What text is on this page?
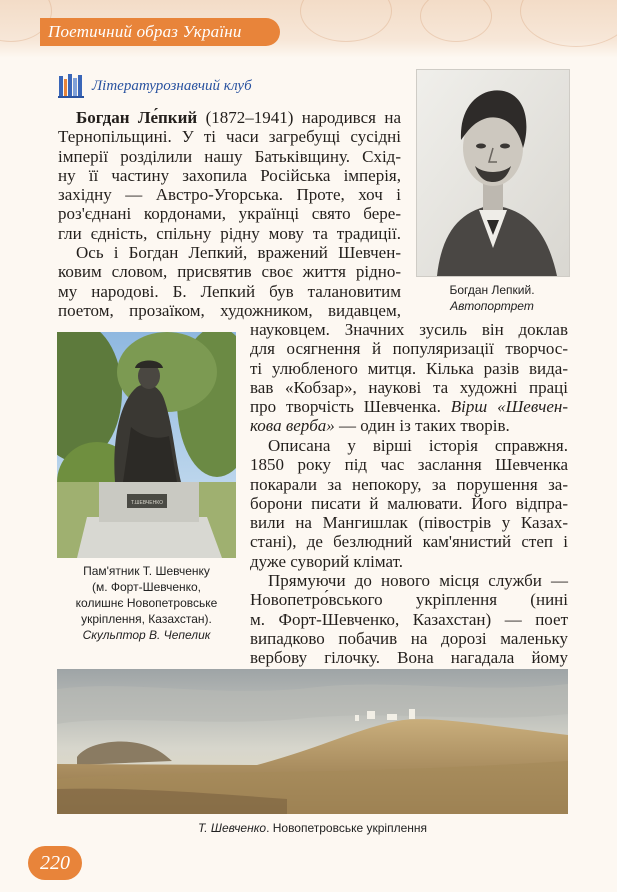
Поетичний образ України
Літературознавчий клуб
Богдан Лепкий.
Автопортрет
Т.ШЕВЧЕНКО
Пам'ятник Т. Шевченку
(м. Форт-Шевченко,
колишнє Новопетровське
укріплення, Казахстан).
Скульптор В. Чепелик
Богдан Ле́пкий (1872–1941) народився на
Тернопільщині. У ті часи загребущі сусідні
імперії розділили нашу Батьківщину. Схід-
ну її частину захопила Російська імперія,
західну — Австро-Угорська. Проте, хоч і
роз'єднані кордонами, українці свято бере-
гли єдність, спільну рідну мову та традиції.
Ось і Богдан Лепкий, вражений Шевчен-
ковим словом, присвятив своє життя рідно-
му народові. Б. Лепкий був талановитим
поетом, прозаїком, художником, видавцем,
науковцем. Значних зусиль він доклав
для осягнення й популяризації творчос-
ті улюбленого митця. Кілька разів вида-
вав «Кобзар», наукові та художні праці
про творчість Шевченка. Вірш «Шевчен-
кова верба» — один із таких творів.
Описана у вірші історія справжня.
1850 року під час заслання Шевченка
покарали за непокору, за порушення за-
борони писати й малювати. Його відпра-
вили на Мангишлак (півострів у Казах-
стані), де безлюдний кам'янистий степ і
дуже суворий клімат.
Прямуючи до нового місця служби —
Новопетро́вського укріплення (нині
м. Форт-Шевченко, Казахстан) — поет
випадково побачив на дорозі маленьку
вербову гілочку. Вона нагадала йому
Т. Шевченко. Новопетровське укріплення
220
